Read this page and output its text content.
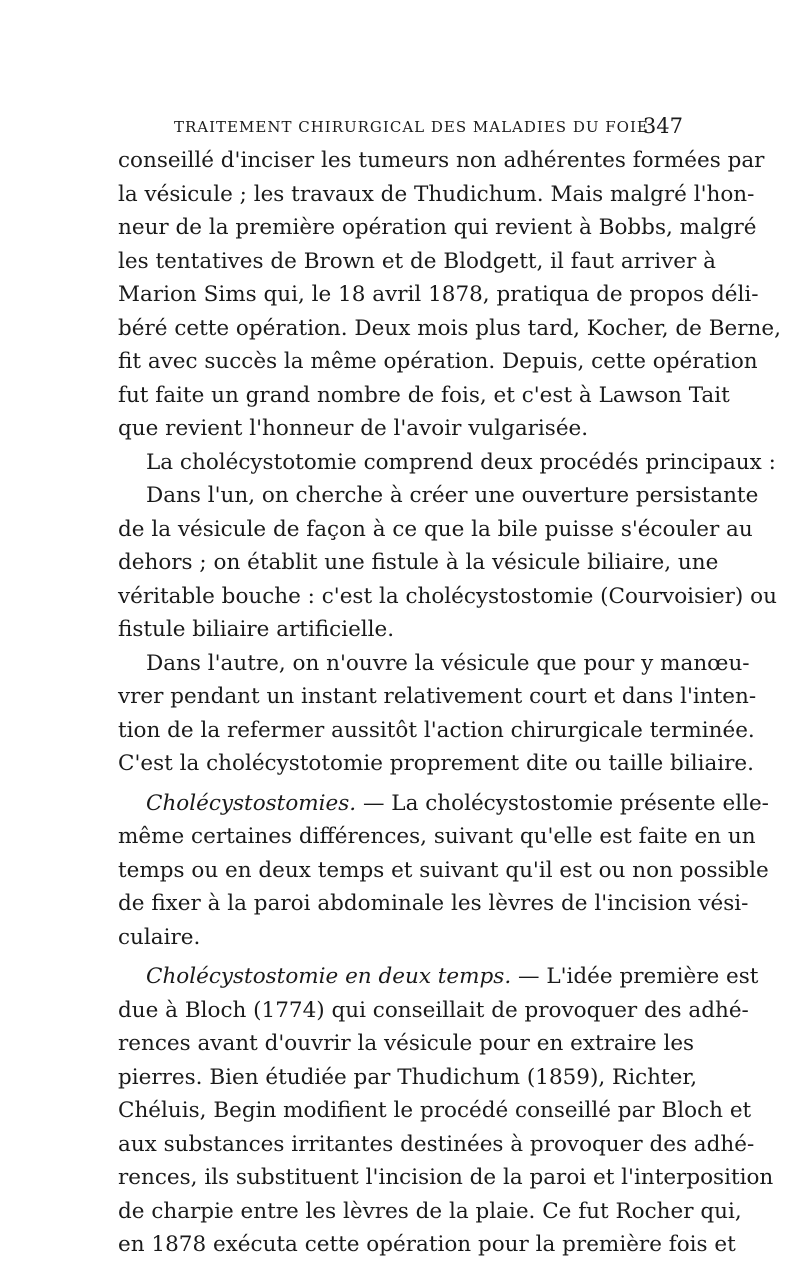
TRAITEMENT CHIRURGICAL DES MALADIES DU FOIE
347
conseillé d'inciser les tumeurs non adhérentes formées par
la vésicule ; les travaux de Thudichum. Mais malgré l'hon-
neur de la première opération qui revient à Bobbs, malgré
les tentatives de Brown et de Blodgett, il faut arriver à
Marion Sims qui, le 18 avril 1878, pratiqua de propos déli-
béré cette opération. Deux mois plus tard, Kocher, de Berne,
fit avec succès la même opération. Depuis, cette opération
fut faite un grand nombre de fois, et c'est à Lawson Tait
que revient l'honneur de l'avoir vulgarisée.
La cholécystotomie comprend deux procédés principaux :
Dans l'un, on cherche à créer une ouverture persistante
de la vésicule de façon à ce que la bile puisse s'écouler au
dehors ; on établit une fistule à la vésicule biliaire, une
véritable bouche : c'est la cholécystostomie (Courvoisier) ou
fistule biliaire artificielle.
Dans l'autre, on n'ouvre la vésicule que pour y manœu-
vrer pendant un instant relativement court et dans l'inten-
tion de la refermer aussitôt l'action chirurgicale terminée.
C'est la cholécystotomie proprement dite ou taille biliaire.
Cholécystostomies. — La cholécystostomie présente elle-
même certaines différences, suivant qu'elle est faite en un
temps ou en deux temps et suivant qu'il est ou non possible
de fixer à la paroi abdominale les lèvres de l'incision vési-
culaire.
Cholécystostomie en deux temps. — L'idée première est
due à Bloch (1774) qui conseillait de provoquer des adhé-
rences avant d'ouvrir la vésicule pour en extraire les
pierres. Bien étudiée par Thudichum (1859), Richter,
Chéluis, Begin modifient le procédé conseillé par Bloch et
aux substances irritantes destinées à provoquer des adhé-
rences, ils substituent l'incision de la paroi et l'interposition
de charpie entre les lèvres de la plaie. Ce fut Rocher qui,
en 1878 exécuta cette opération pour la première fois et
